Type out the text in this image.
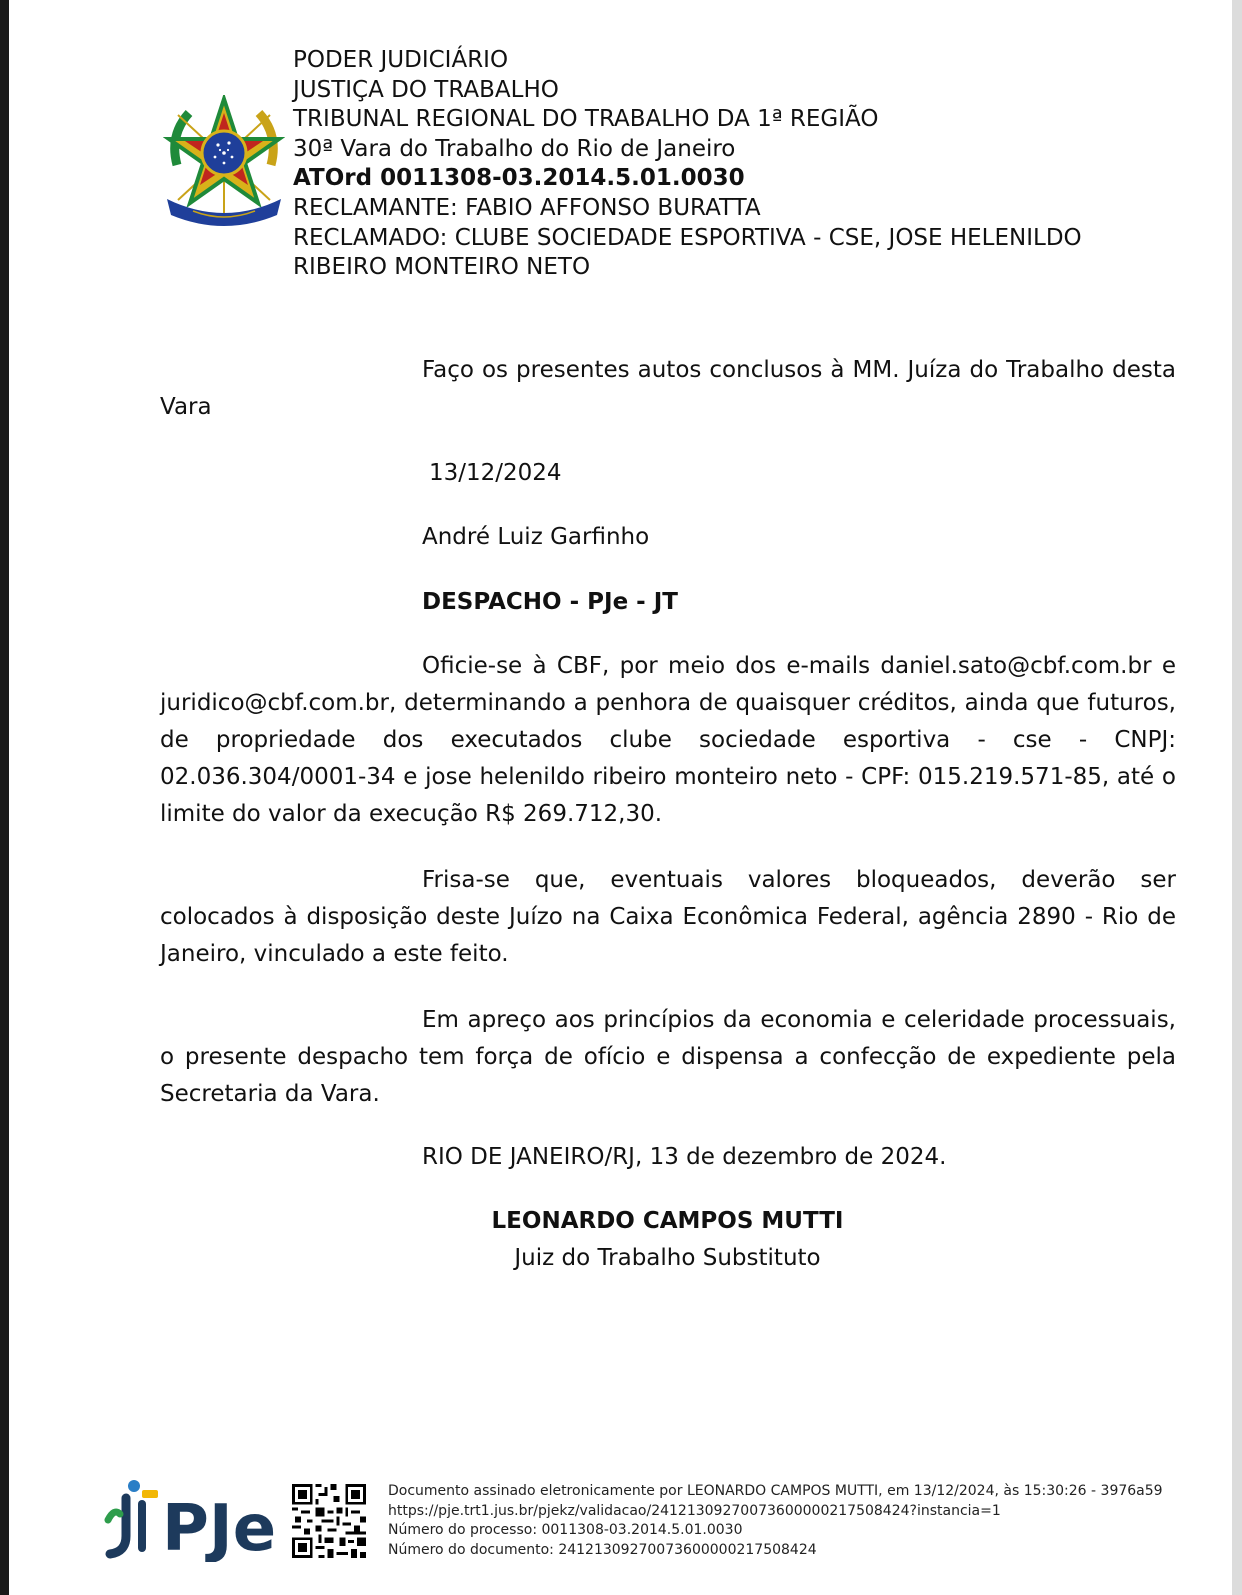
PODER JUDICIÁRIO
JUSTIÇA DO TRABALHO
TRIBUNAL REGIONAL DO TRABALHO DA 1ª REGIÃO
30ª Vara do Trabalho do Rio de Janeiro
ATOrd 0011308-03.2014.5.01.0030
RECLAMANTE: FABIO AFFONSO BURATTA
RECLAMADO: CLUBE SOCIEDADE ESPORTIVA - CSE, JOSE HELENILDO
RIBEIRO MONTEIRO NETO
Faço os presentes autos conclusos à MM. Juíza do Trabalho desta Vara
13/12/2024
André Luiz Garfinho
DESPACHO - PJe - JT
Oficie-se à CBF, por meio dos e-mails daniel.sato@cbf.com.br e juridico@cbf.com.br, determinando a penhora de quaisquer créditos, ainda que futuros, de propriedade dos executados clube sociedade esportiva - cse - CNPJ: 02.036.304/0001-34 e jose helenildo ribeiro monteiro neto - CPF: 015.219.571-85, até o limite do valor da execução R$ 269.712,30.
Frisa-se que, eventuais valores bloqueados, deverão ser colocados à disposição deste Juízo na Caixa Econômica Federal, agência 2890 - Rio de Janeiro, vinculado a este feito.
Em apreço aos princípios da economia e celeridade processuais, o presente despacho tem força de ofício e dispensa a confecção de expediente pela Secretaria da Vara.
RIO DE JANEIRO/RJ, 13 de dezembro de 2024.
LEONARDO CAMPOS MUTTI
Juiz do Trabalho Substituto
PJe
Documento assinado eletronicamente por LEONARDO CAMPOS MUTTI, em 13/12/2024, às 15:30:26 - 3976a59
https://pje.trt1.jus.br/pjekz/validacao/24121309270073600000217508424?instancia=1
Número do processo: 0011308-03.2014.5.01.0030
Número do documento: 24121309270073600000217508424
